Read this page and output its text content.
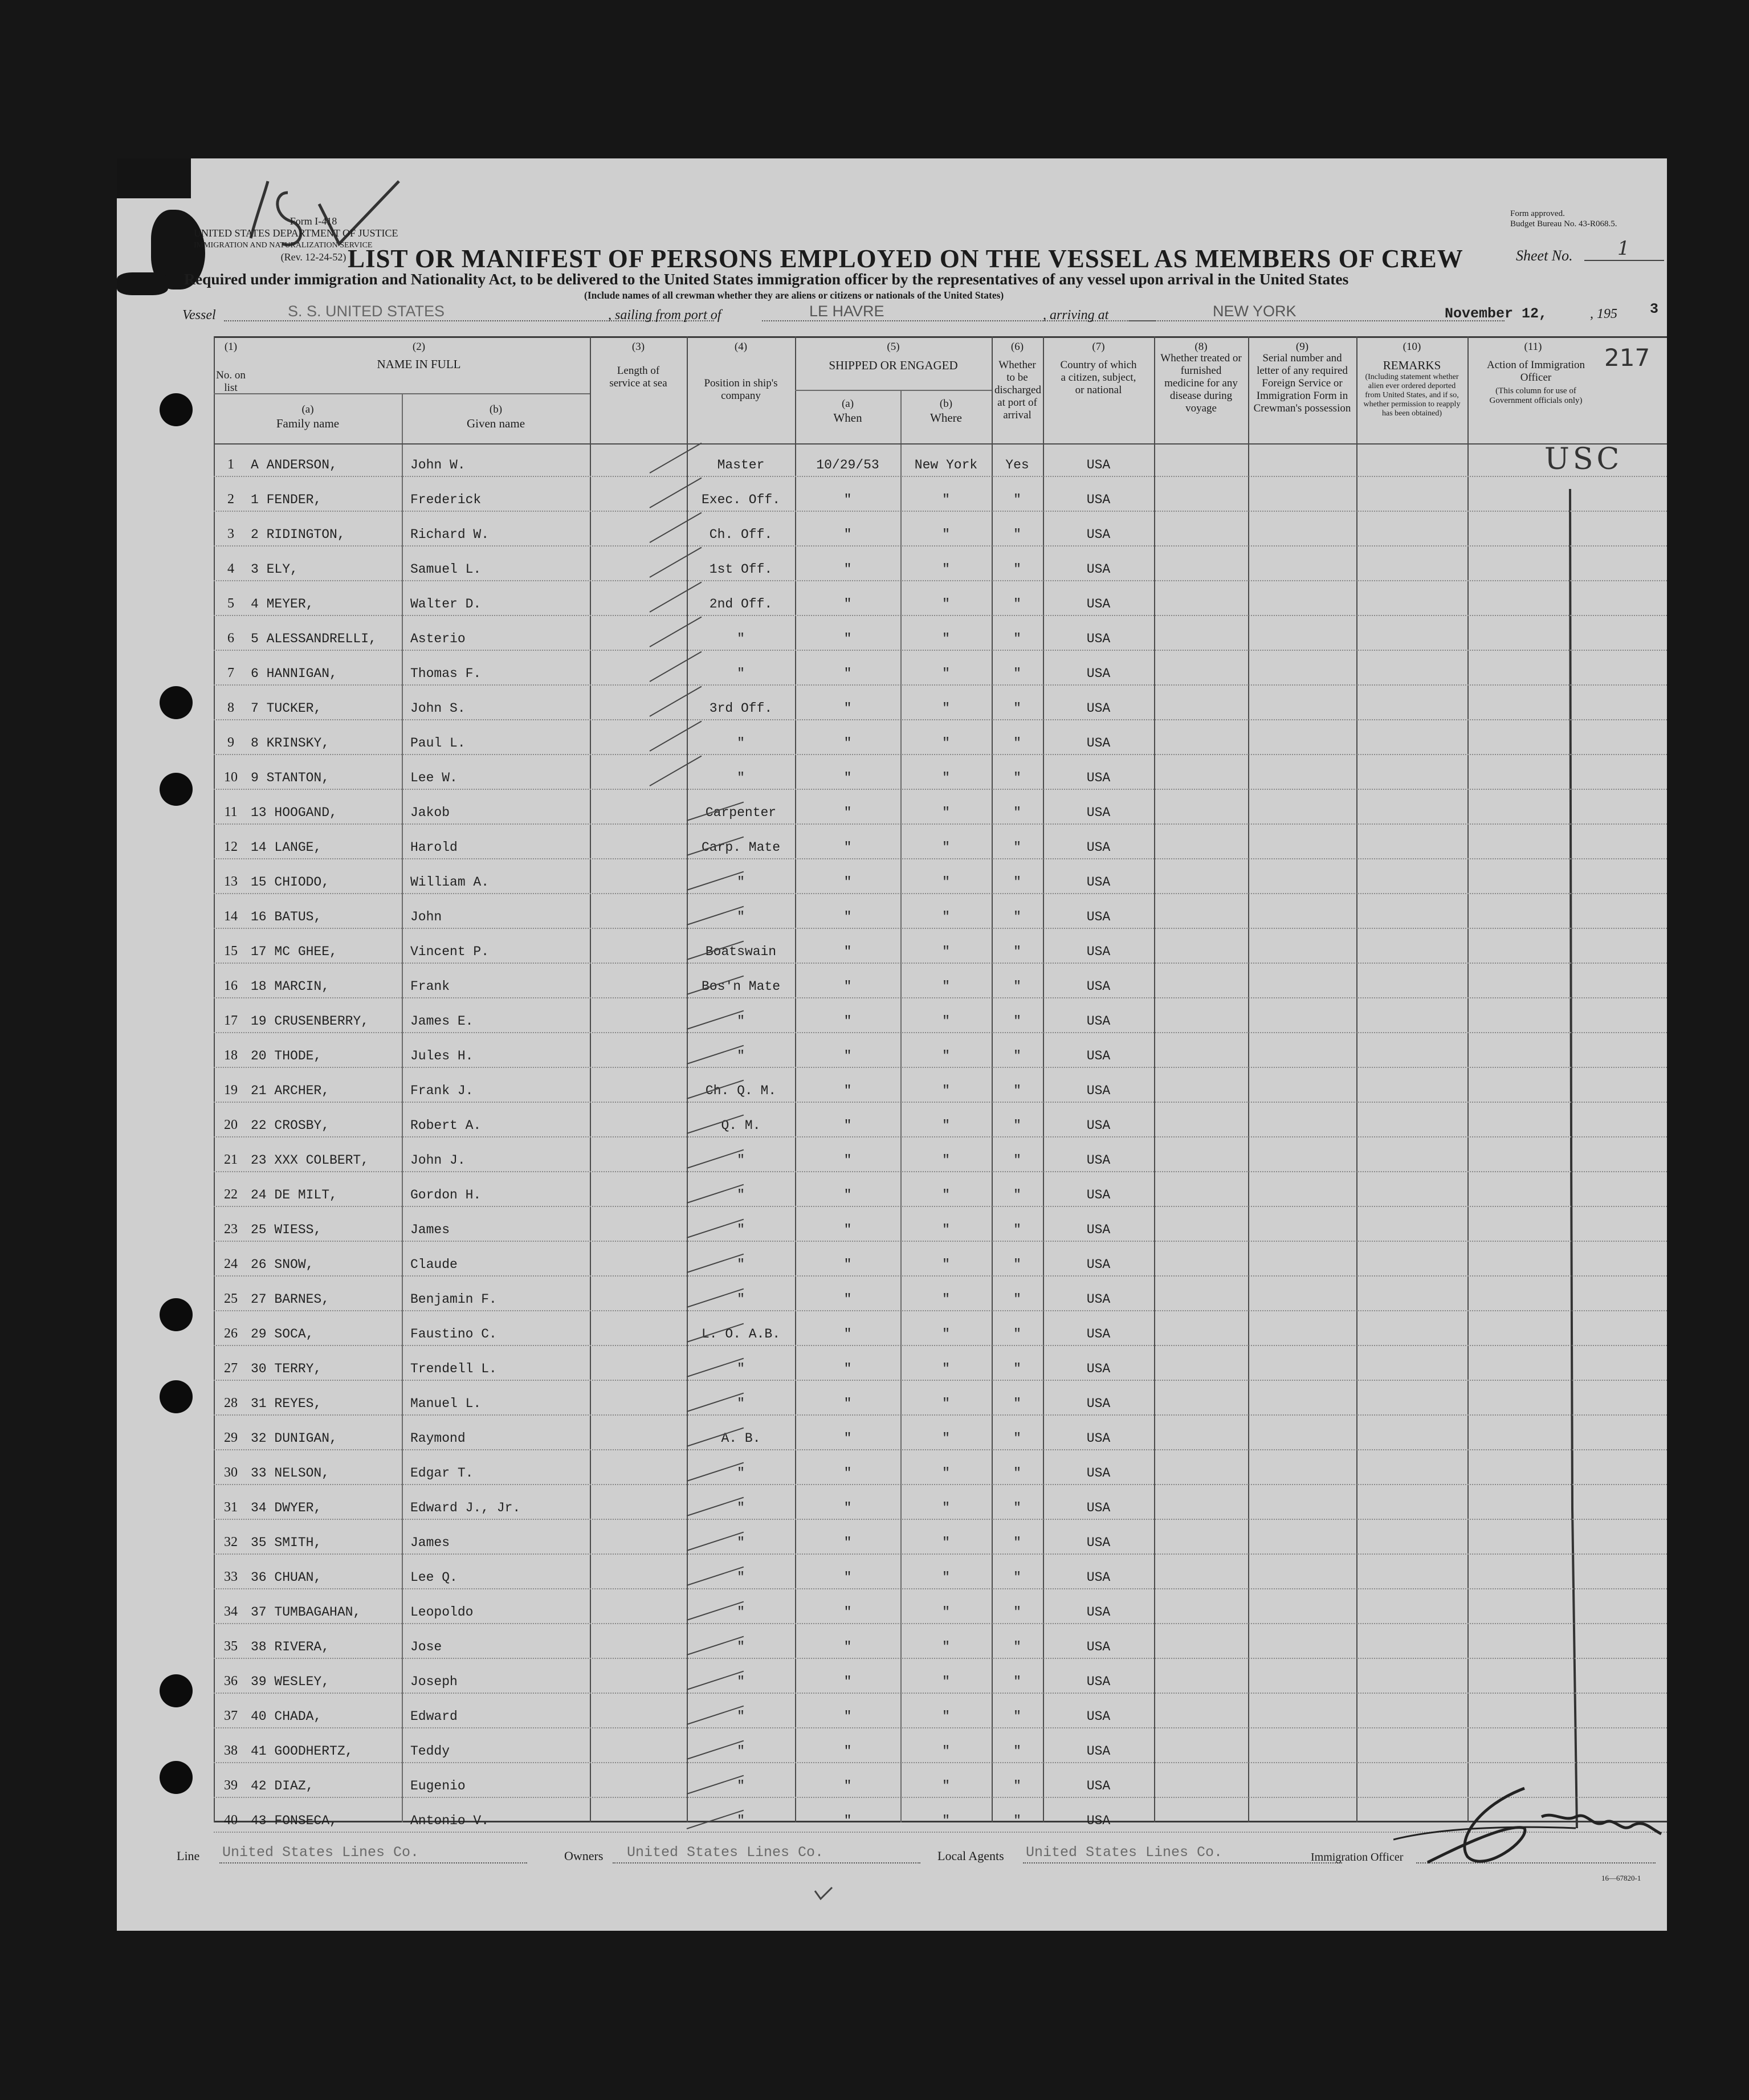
Form I-418
UNITED STATES DEPARTMENT OF JUSTICE
IMMIGRATION AND NATURALIZATION SERVICE
(Rev. 12-24-52)
Form approved.
Budget Bureau No. 43-R068.5.
LIST OR MANIFEST OF PERSONS EMPLOYED ON THE VESSEL AS MEMBERS OF CREW	Sheet No. 1
Required under immigration and Nationality Act, to be delivered to the United States immigration officer by the representatives of any vessel upon arrival in the United States
(Include names of all crewman whether they are aliens or citizens or nationals of the United States)
Vessel	S. S. UNITED STATES	, sailing from port of	LE HAVRE	, arriving at	NEW YORK	November 12,	, 195 3
(1)
No. on list
(2)
NAME IN FULL
(a)
Family name
(b)
Given name
(3)
Length of service at sea
(4)
Position in ship's company
(5)
SHIPPED OR ENGAGED
(a)
When
(b)
Where
(6)
Whether to be discharged at port of arrival
(7)
Country of which a citizen, subject, or national
(8)
Whether treated or furnished medicine for any disease during voyage
(9)
Serial number and letter of any required Foreign Service or Immigration Form in Crewman's possession
(10)
REMARKS
(Including statement whether alien ever ordered deported from United States, and if so, whether permission to reapply has been obtained)
(11)
Action of Immigration Officer
(This column for use of Government officials only)
217
USC
1	A ANDERSON,	John W.	Master	10/29/53	New York	Yes	USA
2	1 FENDER,	Frederick	Exec. Off.	"	"	"	USA
3	2 RIDINGTON,	Richard W.	Ch. Off.	"	"	"	USA
4	3 ELY,	Samuel L.	1st Off.	"	"	"	USA
5	4 MEYER,	Walter D.	2nd Off.	"	"	"	USA
6	5 ALESSANDRELLI,	Asterio	"	"	"	"	USA
7	6 HANNIGAN,	Thomas F.	"	"	"	"	USA
8	7 TUCKER,	John S.	3rd Off.	"	"	"	USA
9	8 KRINSKY,	Paul L.	"	"	"	"	USA
10	9 STANTON,	Lee W.	"	"	"	"	USA
11	13 HOOGAND,	Jakob	Carpenter	"	"	"	USA
12	14 LANGE,	Harold	Carp. Mate	"	"	"	USA
13	15 CHIODO,	William A.	"	"	"	"	USA
14	16 BATUS,	John	"	"	"	"	USA
15	17 MC GHEE,	Vincent P.	Boatswain	"	"	"	USA
16	18 MARCIN,	Frank	Bos'n Mate	"	"	"	USA
17	19 CRUSENBERRY,	James E.	"	"	"	"	USA
18	20 THODE,	Jules H.	"	"	"	"	USA
19	21 ARCHER,	Frank J.	Ch. Q. M.	"	"	"	USA
20	22 CROSBY,	Robert A.	Q. M.	"	"	"	USA
21	23 XXX COLBERT,	John J.	"	"	"	"	USA
22	24 DE MILT,	Gordon H.	"	"	"	"	USA
23	25 WIESS,	James	"	"	"	"	USA
24	26 SNOW,	Claude	"	"	"	"	USA
25	27 BARNES,	Benjamin F.	"	"	"	"	USA
26	29 SOCA,	Faustino C.	L. O. A.B.	"	"	"	USA
27	30 TERRY,	Trendell L.	"	"	"	"	USA
28	31 REYES,	Manuel L.	"	"	"	"	USA
29	32 DUNIGAN,	Raymond	A. B.	"	"	"	USA
30	33 NELSON,	Edgar T.	"	"	"	"	USA
31	34 DWYER,	Edward J., Jr.	"	"	"	"	USA
32	35 SMITH,	James	"	"	"	"	USA
33	36 CHUAN,	Lee Q.	"	"	"	"	USA
34	37 TUMBAGAHAN,	Leopoldo	"	"	"	"	USA
35	38 RIVERA,	Jose	"	"	"	"	USA
36	39 WESLEY,	Joseph	"	"	"	"	USA
37	40 CHADA,	Edward	"	"	"	"	USA
38	41 GOODHERTZ,	Teddy	"	"	"	"	USA
39	42 DIAZ,	Eugenio	"	"	"	"	USA
40	43 FONSECA,	Antonio V.	"	"	"	"	USA
Line United States Lines Co.	Owners United States Lines Co.	Local Agents United States Lines Co.	Immigration Officer
16—67820-1
